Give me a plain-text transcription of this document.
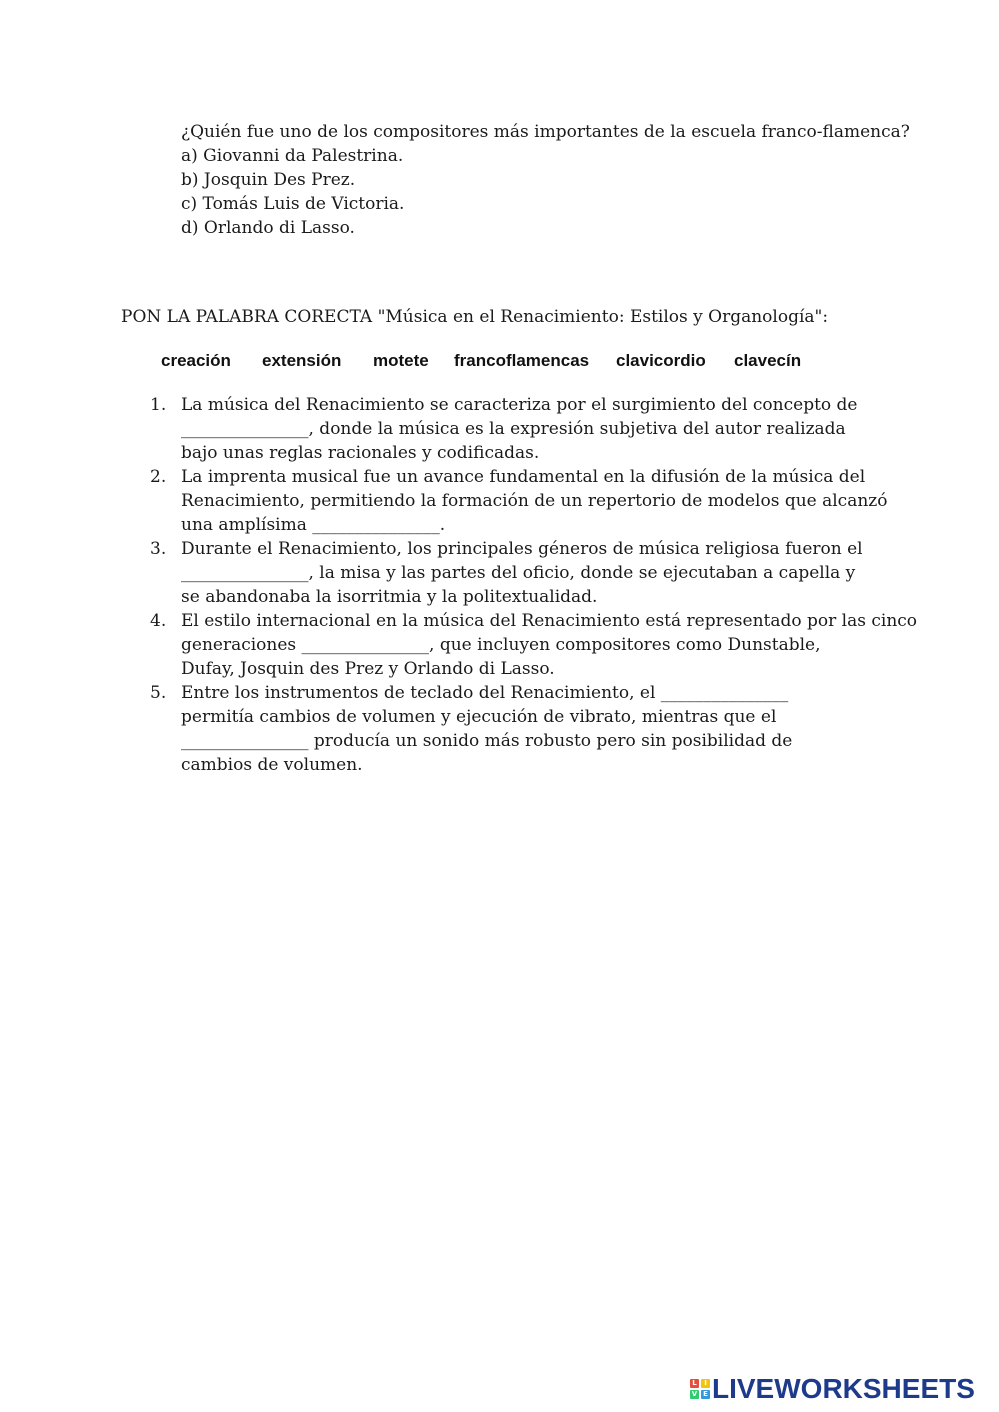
¿Quién fue uno de los compositores más importantes de la escuela franco-flamenca?
a) Giovanni da Palestrina.
b) Josquin Des Prez.
c) Tomás Luis de Victoria.
d) Orlando di Lasso.
PON LA PALABRA CORECTA "Música en el Renacimiento: Estilos y Organología":
creación extensión motete francoflamencas clavicordio clavecín
1. La música del Renacimiento se caracteriza por el surgimiento del concepto de
_______________, donde la música es la expresión subjetiva del autor realizada
bajo unas reglas racionales y codificadas.
2. La imprenta musical fue un avance fundamental en la difusión de la música del
Renacimiento, permitiendo la formación de un repertorio de modelos que alcanzó
una amplísima _______________.
3. Durante el Renacimiento, los principales géneros de música religiosa fueron el
_______________, la misa y las partes del oficio, donde se ejecutaban a capella y
se abandonaba la isorritmia y la politextualidad.
4. El estilo internacional en la música del Renacimiento está representado por las cinco
generaciones _______________, que incluyen compositores como Dunstable,
Dufay, Josquin des Prez y Orlando di Lasso.
5. Entre los instrumentos de teclado del Renacimiento, el _______________
permitía cambios de volumen y ejecución de vibrato, mientras que el
_______________ producía un sonido más robusto pero sin posibilidad de
cambios de volumen.
L	I
V E LIVEWORKSHEETS
